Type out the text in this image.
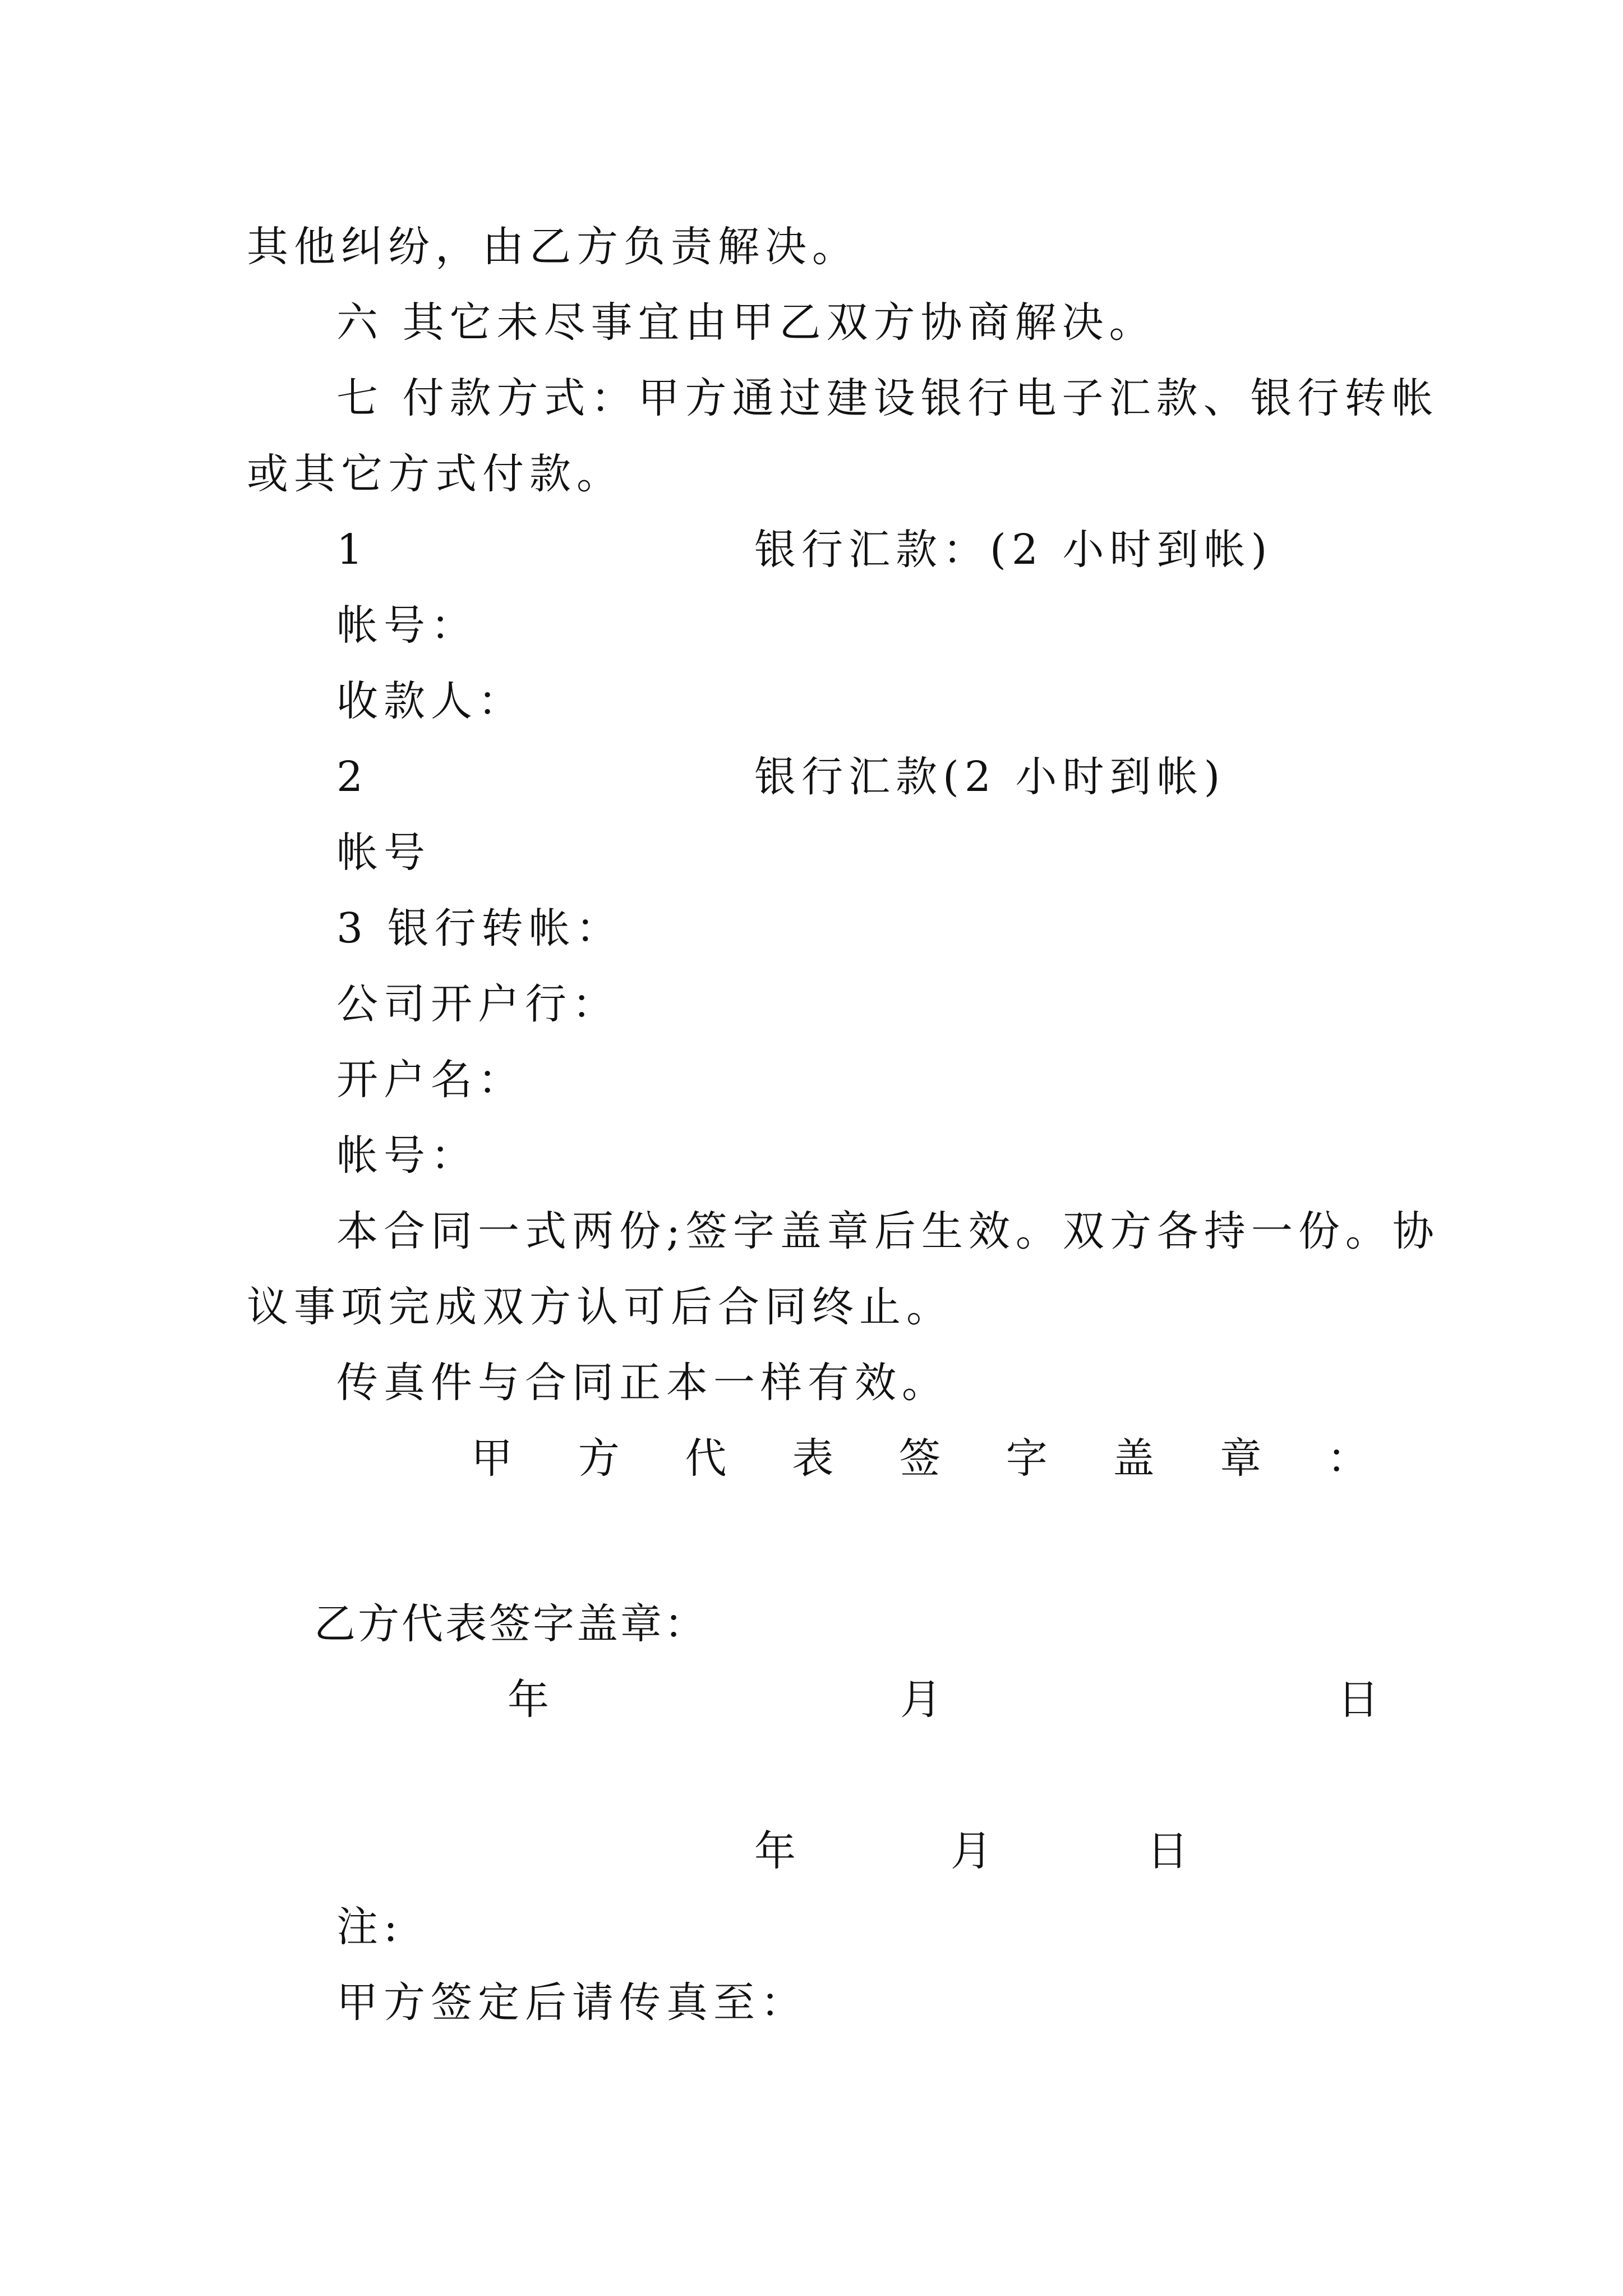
其他纠纷，由乙方负责解决。
六 其它未尽事宜由甲乙双方协商解决。
七 付款方式：甲方通过建设银行电子汇款、银行转帐
或其它方式付款。
1	银行汇款：(2 小时到帐)
帐号：
收款人：
2	银行汇款(2 小时到帐)
帐号
3 银行转帐：
公司开户行：
开户名：
帐号：
本合同一式两份;签字盖章后生效。双方各持一份。协
议事项完成双方认可后合同终止。
传真件与合同正本一样有效。
甲 方 代 表 签 字 盖 章 ：
乙方代表签字盖章：
年	月	日
年	月	日
注:
甲方签定后请传真至：
